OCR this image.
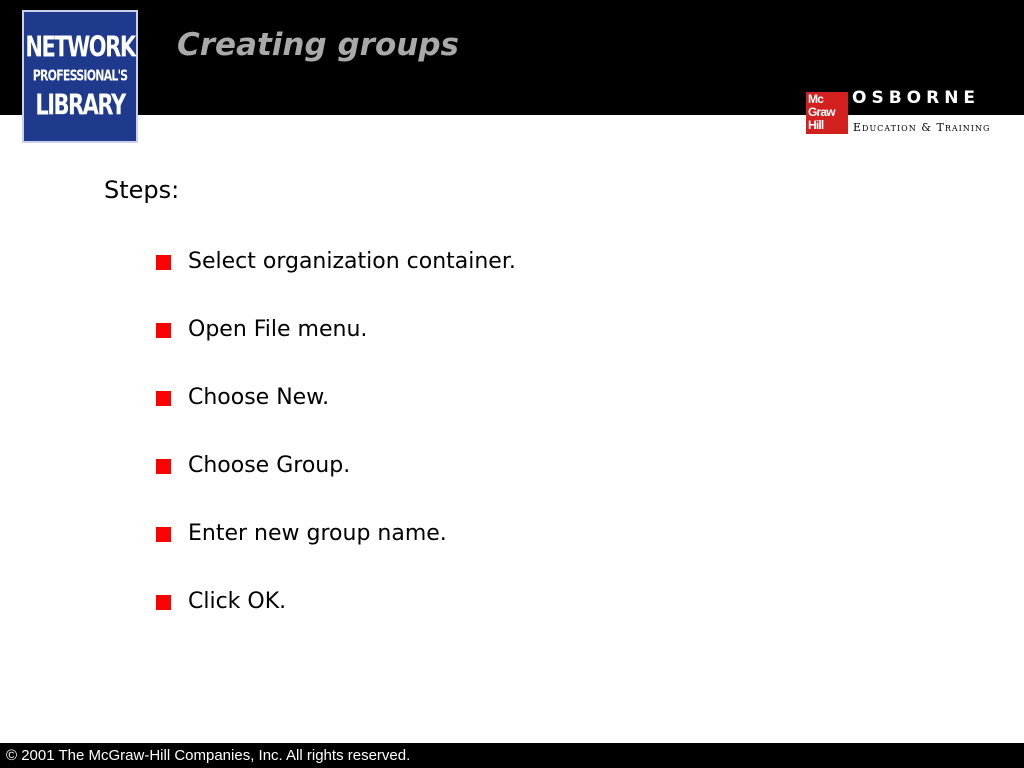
NETWORK
PROFESSIONAL'S
LIBRARY
Creating groups
Mc
Graw
Hill
OSBORNE
Education & Training
Steps:
Select organization container.
Open File menu.
Choose New.
Choose Group.
Enter new group name.
Click OK.
© 2001 The McGraw-Hill Companies, Inc. All rights reserved.
